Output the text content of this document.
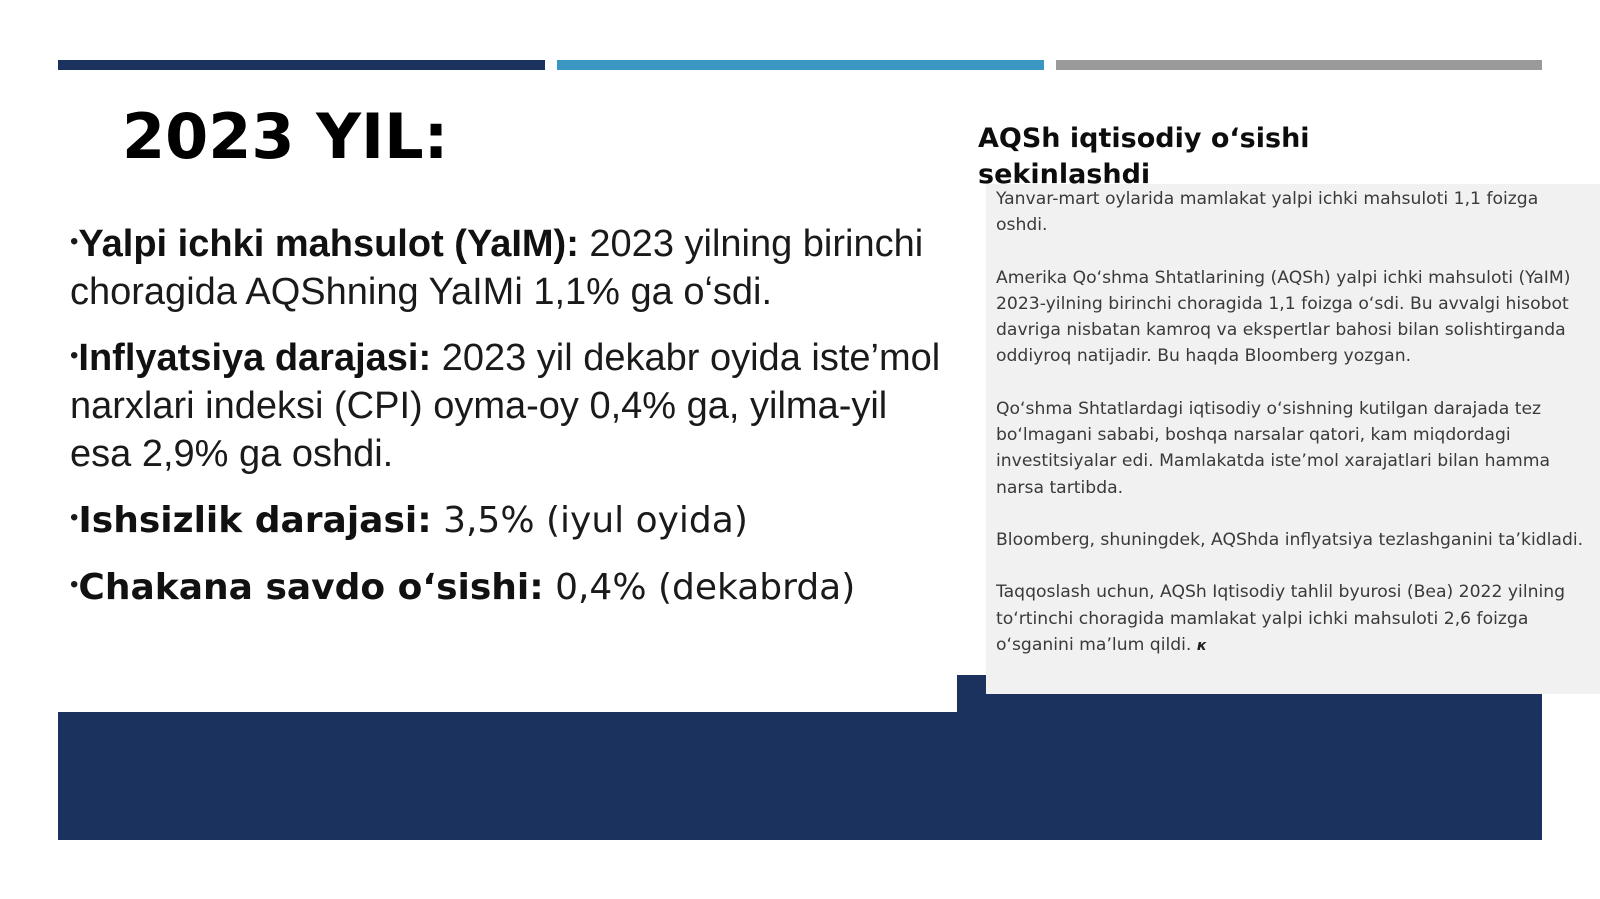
2023 YIL:
•Yalpi ichki mahsulot (YaIM): 2023 yilning birinchi choragida AQShning YaIMi 1,1% ga oʻsdi.
•Inflyatsiya darajasi: 2023 yil dekabr oyida iste’mol narxlari indeksi (CPI) oyma-oy 0,4% ga, yilma-yil esa 2,9% ga oshdi.
•Ishsizlik darajasi: 3,5% (iyul oyida)
•Chakana savdo o‘sishi: 0,4% (dekabrda)
AQSh iqtisodiy o‘sishi sekinlashdi

Yanvar-mart oylarida mamlakat yalpi ichki mahsuloti 1,1 foizga oshdi.

Amerika Qo‘shma Shtatlarining (AQSh) yalpi ichki mahsuloti (YaIM) 2023-yilning birinchi choragida 1,1 foizga o‘sdi. Bu avvalgi hisobot davriga nisbatan kamroq va ekspertlar bahosi bilan solishtirganda oddiyroq natijadir. Bu haqda Bloomberg yozgan.

Qo‘shma Shtatlardagi iqtisodiy o‘sishning kutilgan darajada tez bo‘lmagani sababi, boshqa narsalar qatori, kam miqdordagi investitsiyalar edi. Mamlakatda iste’mol xarajatlari bilan hamma narsa tartibda.

Bloomberg, shuningdek, AQShda inflyatsiya tezlashganini ta’kidladi.

Taqqoslash uchun, AQSh Iqtisodiy tahlil byurosi (Bea) 2022 yilning to‘rtinchi choragida mamlakat yalpi ichki mahsuloti 2,6 foizga o‘sganini ma’lum qildi. к
